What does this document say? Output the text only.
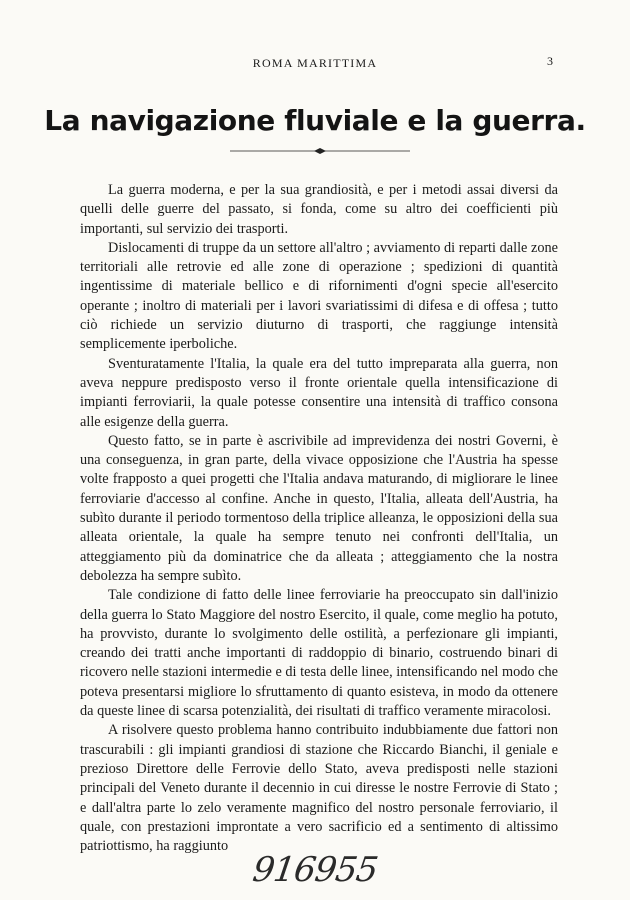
ROMA MARITTIMA	3
La navigazione fluviale e la guerra.

La guerra moderna, e per la sua grandiosità, e per i metodi assai diversi da quelli delle guerre del passato, si fonda, come su altro dei coefficienti più importanti, sul servizio dei trasporti.

Dislocamenti di truppe da un settore all'altro ; avviamento di reparti dalle zone territoriali alle retrovie ed alle zone di operazione ; spedizioni di quantità ingentissime di materiale bellico e di rifornimenti d'ogni specie all'esercito operante ; inoltro di materiali per i lavori svariatissimi di difesa e di offesa ; tutto ciò richiede un servizio diuturno di trasporti, che raggiunge intensità semplicemente iperboliche.

Sventuratamente l'Italia, la quale era del tutto impreparata alla guerra, non aveva neppure predisposto verso il fronte orientale quella intensificazione di impianti ferroviarii, la quale potesse consentire una intensità di traffico consona alle esigenze della guerra.

Questo fatto, se in parte è ascrivibile ad imprevidenza dei nostri Governi, è una conseguenza, in gran parte, della vivace opposizione che l'Austria ha spesse volte frapposto a quei progetti che l'Italia andava maturando, di migliorare le linee ferroviarie d'accesso al confine. Anche in questo, l'Italia, alleata dell'Austria, ha subìto durante il periodo tormentoso della triplice alleanza, le opposizioni della sua alleata orientale, la quale ha sempre tenuto nei confronti dell'Italia, un atteggiamento più da dominatrice che da alleata ; atteggiamento che la nostra debolezza ha sempre subìto.

Tale condizione di fatto delle linee ferroviarie ha preoccupato sin dall'inizio della guerra lo Stato Maggiore del nostro Esercito, il quale, come meglio ha potuto, ha provvisto, durante lo svolgimento delle ostilità, a perfezionare gli impianti, creando dei tratti anche importanti di raddoppio di binario, costruendo binari di ricovero nelle stazioni intermedie e di testa delle linee, intensificando nel modo che poteva presentarsi migliore lo sfruttamento di quanto esisteva, in modo da ottenere da queste linee di scarsa potenzialità, dei risultati di traffico veramente miracolosi.

A risolvere questo problema hanno contribuito indubbiamente due fattori non trascurabili : gli impianti grandiosi di stazione che Riccardo Bianchi, il geniale e prezioso Direttore delle Ferrovie dello Stato, aveva predisposti nelle stazioni principali del Veneto durante il decennio in cui diresse le nostre Ferrovie di Stato ; e dall'altra parte lo zelo veramente magnifico del nostro personale ferroviario, il quale, con prestazioni improntate a vero sacrificio ed a sentimento di altissimo patriottismo, ha raggiunto

916955
